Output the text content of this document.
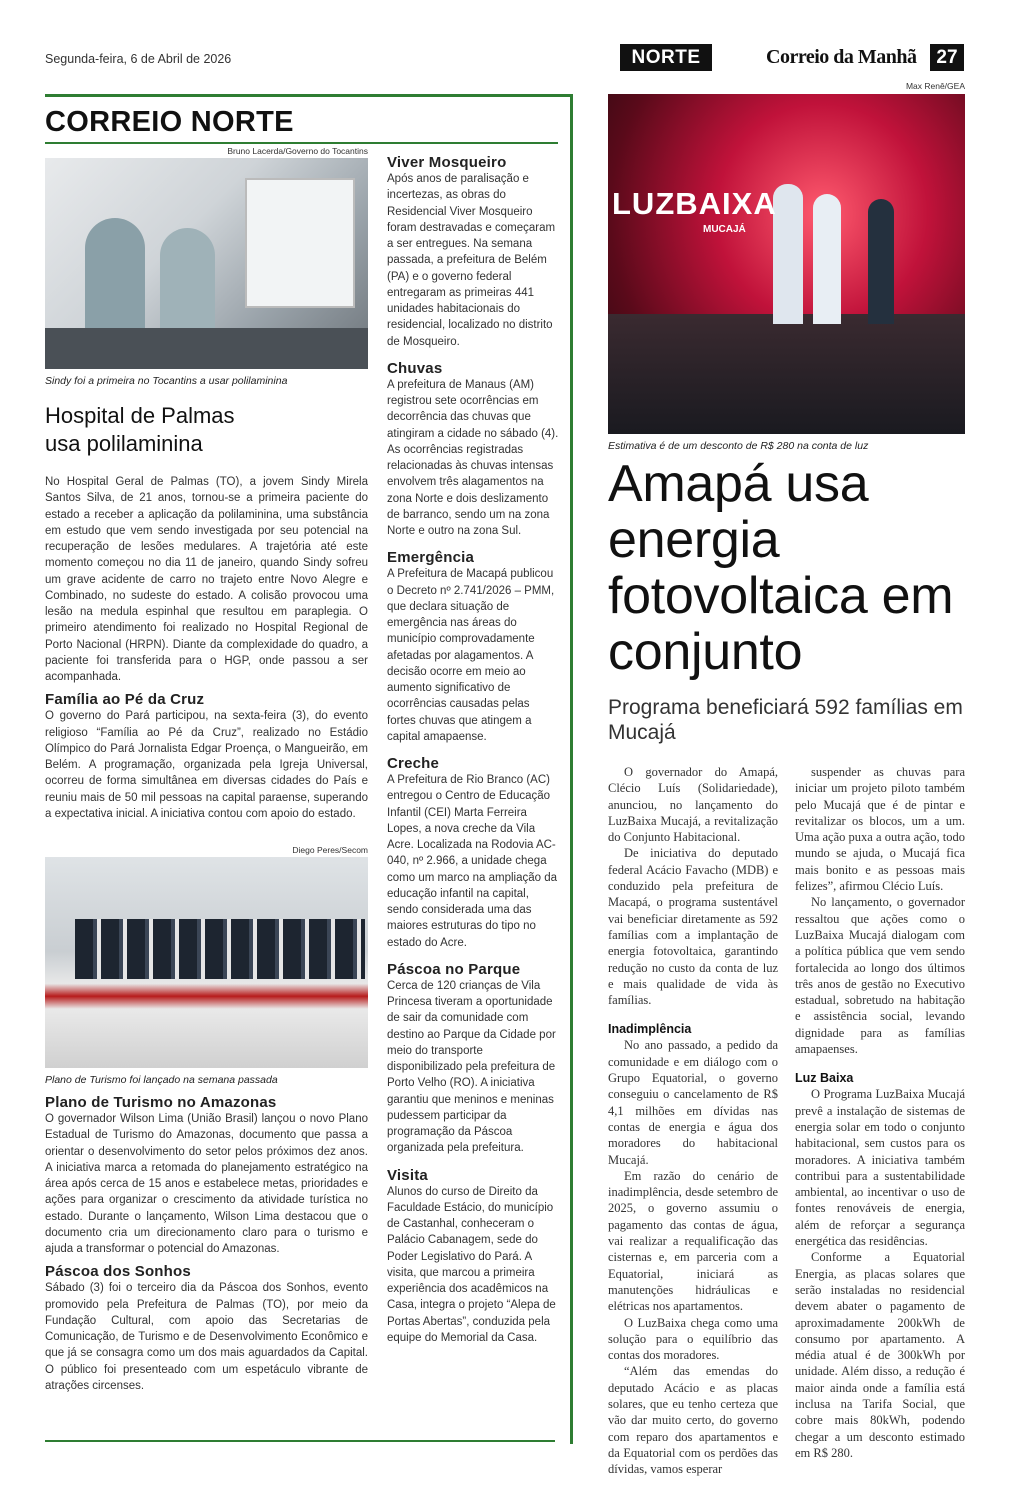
Segunda-feira, 6 de Abril de 2026	NORTE	Correio da Manhã	27
CORREIO NORTE
Bruno Lacerda/Governo do Tocantins
Sindy foi a primeira no Tocantins a usar polilaminina
Hospital de Palmas usa polilaminina

No Hospital Geral de Palmas (TO), a jovem Sindy Mirela Santos Silva, de 21 anos, tornou-se a primeira paciente do estado a receber a aplicação da polilaminina, uma substância em estudo que vem sendo investigada por seu potencial na recuperação de lesões medulares. A trajetória até este momento começou no dia 11 de janeiro, quando Sindy sofreu um grave acidente de carro no trajeto entre Novo Alegre e Combinado, no sudeste do estado. A colisão provocou uma lesão na medula espinhal que resultou em paraplegia. O primeiro atendimento foi realizado no Hospital Regional de Porto Nacional (HRPN). Diante da complexidade do quadro, a paciente foi transferida para o HGP, onde passou a ser acompanhada.

Família ao Pé da Cruz

O governo do Pará participou, na sexta-feira (3), do evento religioso “Família ao Pé da Cruz”, realizado no Estádio Olímpico do Pará Jornalista Edgar Proença, o Mangueirão, em Belém. A programação, organizada pela Igreja Universal, ocorreu de forma simultânea em diversas cidades do País e reuniu mais de 50 mil pessoas na capital paraense, superando a expectativa inicial. A iniciativa contou com apoio do estado.

Diego Peres/Secom
Plano de Turismo foi lançado na semana passada
Plano de Turismo no Amazonas

O governador Wilson Lima (União Brasil) lançou o novo Plano Estadual de Turismo do Amazonas, documento que passa a orientar o desenvolvimento do setor pelos próximos dez anos. A iniciativa marca a retomada do planejamento estratégico na área após cerca de 15 anos e estabelece metas, prioridades e ações para organizar o crescimento da atividade turística no estado. Durante o lançamento, Wilson Lima destacou que o documento cria um direcionamento claro para o turismo e ajuda a transformar o potencial do Amazonas.

Páscoa dos Sonhos

Sábado (3) foi o terceiro dia da Páscoa dos Sonhos, evento promovido pela Prefeitura de Palmas (TO), por meio da Fundação Cultural, com apoio das Secretarias de Comunicação, de Turismo e de Desenvolvimento Econômico e que já se consagra como um dos mais aguardados da Capital. O público foi presenteado com um espetáculo vibrante de atrações circenses.

Viver Mosqueiro

Após anos de paralisação e incertezas, as obras do Residencial Viver Mosqueiro foram destravadas e começaram a ser entregues. Na semana passada, a prefeitura de Belém (PA) e o governo federal entregaram as primeiras 441 unidades habitacionais do residencial, localizado no distrito de Mosqueiro.

Chuvas

A prefeitura de Manaus (AM) registrou sete ocorrências em decorrência das chuvas que atingiram a cidade no sábado (4). As ocorrências registradas relacionadas às chuvas intensas envolvem três alagamentos na zona Norte e dois deslizamento de barranco, sendo um na zona Norte e outro na zona Sul.

Emergência

A Prefeitura de Macapá publicou o Decreto nº 2.741/2026 – PMM, que declara situação de emergência nas áreas do município comprovadamente afetadas por alagamentos. A decisão ocorre em meio ao aumento significativo de ocorrências causadas pelas fortes chuvas que atingem a capital amapaense.

Creche

A Prefeitura de Rio Branco (AC) entregou o Centro de Educação Infantil (CEI) Marta Ferreira Lopes, a nova creche da Vila Acre. Localizada na Rodovia AC-040, nº 2.966, a unidade chega como um marco na ampliação da educação infantil na capital, sendo considerada uma das maiores estruturas do tipo no estado do Acre.

Páscoa no Parque

Cerca de 120 crianças de Vila Princesa tiveram a oportunidade de sair da comunidade com destino ao Parque da Cidade por meio do transporte disponibilizado pela prefeitura de Porto Velho (RO). A iniciativa garantiu que meninos e meninas pudessem participar da programação da Páscoa organizada pela prefeitura.

Visita

Alunos do curso de Direito da Faculdade Estácio, do município de Castanhal, conheceram o Palácio Cabanagem, sede do Poder Legislativo do Pará. A visita, que marcou a primeira experiência dos acadêmicos na Casa, integra o projeto “Alepa de Portas Abertas”, conduzida pela equipe do Memorial da Casa.

Max Renê/GEA
LUZBAIXA
MUCAJÁ
Estimativa é de um desconto de R$ 280 na conta de luz
Amapá usa energia fotovoltaica em conjunto
Programa beneficiará 592 famílias em Mucajá

O governador do Amapá, Clécio Luís (Solidariedade), anunciou, no lançamento do LuzBaixa Mucajá, a revitalização do Conjunto Habitacional.

De iniciativa do deputado federal Acácio Favacho (MDB) e conduzido pela prefeitura de Macapá, o programa sustentável vai beneficiar diretamente as 592 famílias com a implantação de energia fotovoltaica, garantindo redução no custo da conta de luz e mais qualidade de vida às famílias.

Inadimplência

No ano passado, a pedido da comunidade e em diálogo com o Grupo Equatorial, o governo conseguiu o cancelamento de R$ 4,1 milhões em dívidas nas contas de energia e água dos moradores do habitacional Mucajá.

Em razão do cenário de inadimplência, desde setembro de 2025, o governo assumiu o pagamento das contas de água, vai realizar a requalificação das cisternas e, em parceria com a Equatorial, iniciará as manutenções hidráulicas e elétricas nos apartamentos.

O LuzBaixa chega como uma solução para o equilíbrio das contas dos moradores.

“Além das emendas do deputado Acácio e as placas solares, que eu tenho certeza que vão dar muito certo, do governo com reparo dos apartamentos e da Equatorial com os perdões das dívidas, vamos esperar

suspender as chuvas para iniciar um projeto piloto também pelo Mucajá que é de pintar e revitalizar os blocos, um a um. Uma ação puxa a outra ação, todo mundo se ajuda, o Mucajá fica mais bonito e as pessoas mais felizes”, afirmou Clécio Luís.

No lançamento, o governador ressaltou que ações como o LuzBaixa Mucajá dialogam com a política pública que vem sendo fortalecida ao longo dos últimos três anos de gestão no Executivo estadual, sobretudo na habitação e assistência social, levando dignidade para as famílias amapaenses.

Luz Baixa

O Programa LuzBaixa Mucajá prevê a instalação de sistemas de energia solar em todo o conjunto habitacional, sem custos para os moradores. A iniciativa também contribui para a sustentabilidade ambiental, ao incentivar o uso de fontes renováveis de energia, além de reforçar a segurança energética das residências.

Conforme a Equatorial Energia, as placas solares que serão instaladas no residencial devem abater o pagamento de aproximadamente 200kWh de consumo por apartamento. A média atual é de 300kWh por unidade. Além disso, a redução é maior ainda onde a família está inclusa na Tarifa Social, que cobre mais 80kWh, podendo chegar a um desconto estimado em R$ 280.
